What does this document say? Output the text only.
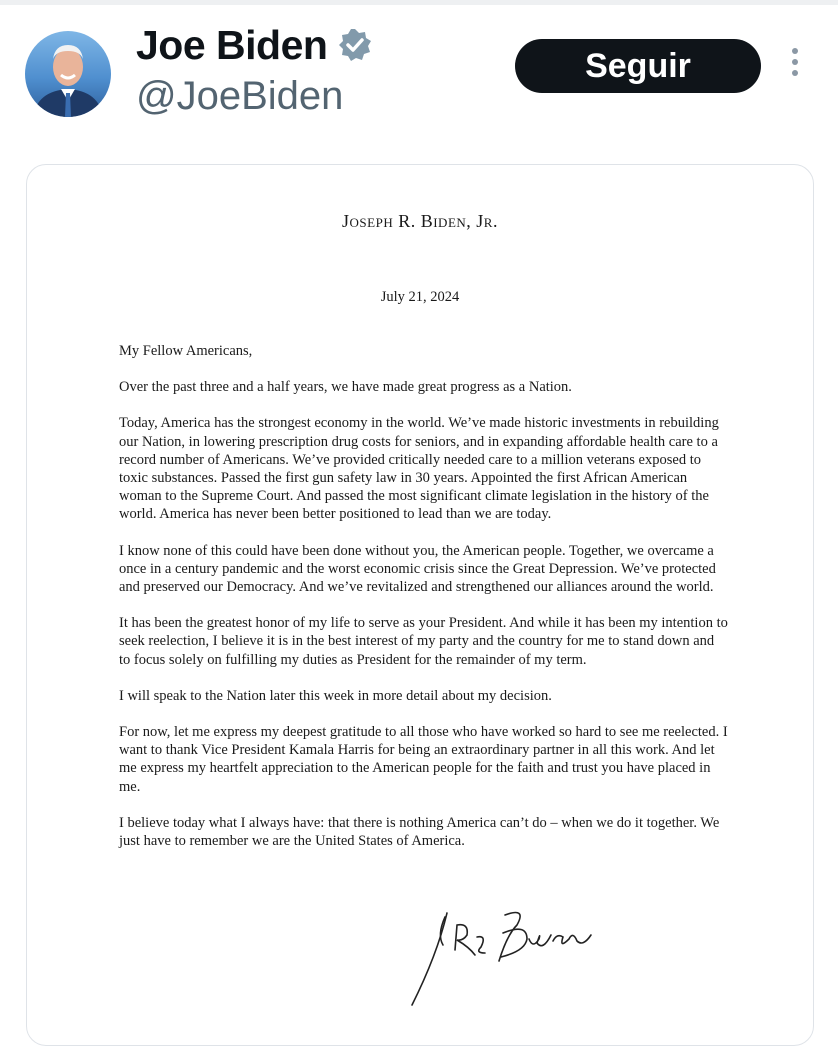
Joe Biden
@JoeBiden
Seguir
Joseph R. Biden, Jr.
July 21, 2024

My Fellow Americans,

Over the past three and a half years, we have made great progress as a Nation.

Today, America has the strongest economy in the world. We’ve made historic investments in rebuilding our Nation, in lowering prescription drug costs for seniors, and in expanding affordable health care to a record number of Americans. We’ve provided critically needed care to a million veterans exposed to toxic substances. Passed the first gun safety law in 30 years. Appointed the first African American woman to the Supreme Court. And passed the most significant climate legislation in the history of the world. America has never been better positioned to lead than we are today.

I know none of this could have been done without you, the American people. Together, we overcame a once in a century pandemic and the worst economic crisis since the Great Depression. We’ve protected and preserved our Democracy. And we’ve revitalized and strengthened our alliances around the world.

It has been the greatest honor of my life to serve as your President. And while it has been my intention to seek reelection, I believe it is in the best interest of my party and the country for me to stand down and to focus solely on fulfilling my duties as President for the remainder of my term.

I will speak to the Nation later this week in more detail about my decision.

For now, let me express my deepest gratitude to all those who have worked so hard to see me reelected. I want to thank Vice President Kamala Harris for being an extraordinary partner in all this work. And let me express my heartfelt appreciation to the American people for the faith and trust you have placed in me.

I believe today what I always have: that there is nothing America can’t do – when we do it together. We just have to remember we are the United States of America.
